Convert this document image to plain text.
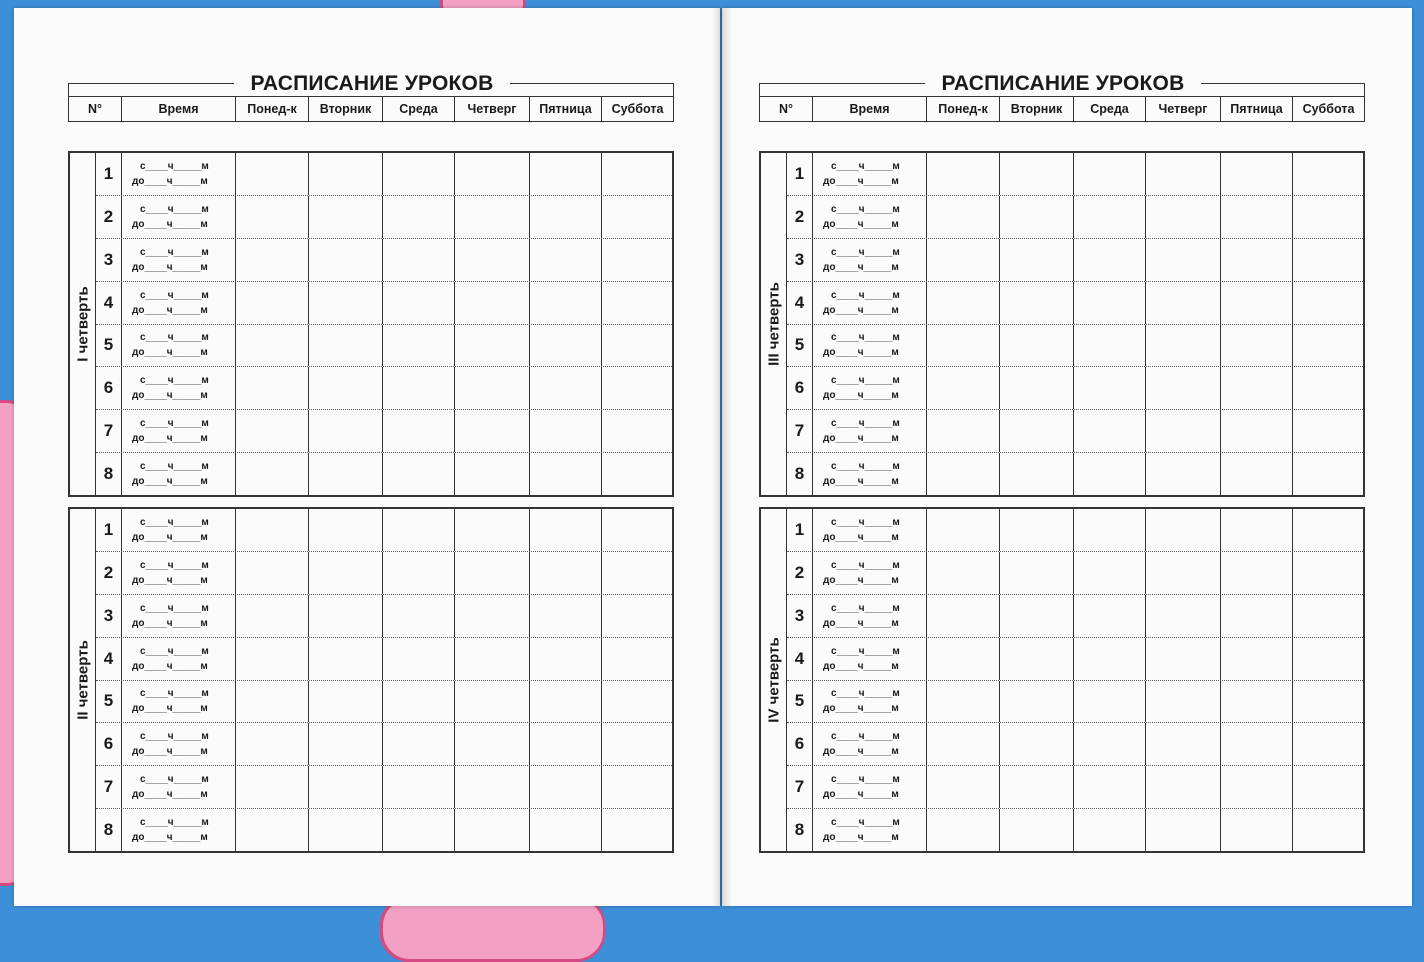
РАСПИСАНИЕ УРОКОВ
N°	Время	Понед-к	Вторник	Среда	Четверг	Пятница	Суббота
I четверть
1	с____ч_____м
до____ч_____м
2	с____ч_____м
до____ч_____м
3	с____ч_____м
до____ч_____м
4	с____ч_____м
до____ч_____м
5	с____ч_____м
до____ч_____м
6	с____ч_____м
до____ч_____м
7	с____ч_____м
до____ч_____м
8	с____ч_____м
до____ч_____м
II четверть
1	с____ч_____м
до____ч_____м
2	с____ч_____м
до____ч_____м
3	с____ч_____м
до____ч_____м
4	с____ч_____м
до____ч_____м
5	с____ч_____м
до____ч_____м
6	с____ч_____м
до____ч_____м
7	с____ч_____м
до____ч_____м
8	с____ч_____м
до____ч_____м
РАСПИСАНИЕ УРОКОВ
N°	Время	Понед-к	Вторник	Среда	Четверг	Пятница	Суббота
III четверть
1	с____ч_____м
до____ч_____м
2	с____ч_____м
до____ч_____м
3	с____ч_____м
до____ч_____м
4	с____ч_____м
до____ч_____м
5	с____ч_____м
до____ч_____м
6	с____ч_____м
до____ч_____м
7	с____ч_____м
до____ч_____м
8	с____ч_____м
до____ч_____м
IV четверть
1	с____ч_____м
до____ч_____м
2	с____ч_____м
до____ч_____м
3	с____ч_____м
до____ч_____м
4	с____ч_____м
до____ч_____м
5	с____ч_____м
до____ч_____м
6	с____ч_____м
до____ч_____м
7	с____ч_____м
до____ч_____м
8	с____ч_____м
до____ч_____м
